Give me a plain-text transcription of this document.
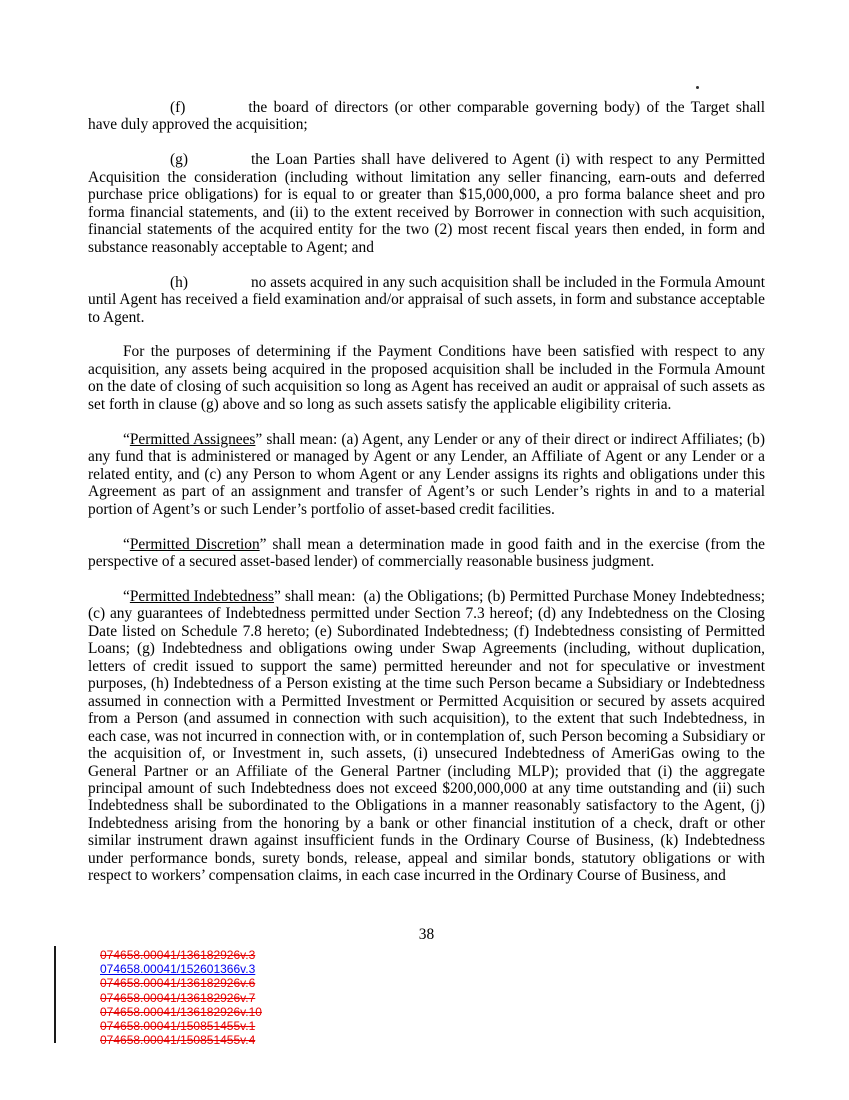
(f)	the board of directors (or other comparable governing body) of the Target shall have duly approved the acquisition;

(g)	the Loan Parties shall have delivered to Agent (i) with respect to any Permitted Acquisition the consideration (including without limitation any seller financing, earn-outs and deferred purchase price obligations) for is equal to or greater than $15,000,000, a pro forma balance sheet and pro forma financial statements, and (ii) to the extent received by Borrower in connection with such acquisition, financial statements of the acquired entity for the two (2) most recent fiscal years then ended, in form and substance reasonably acceptable to Agent; and

(h)	no assets acquired in any such acquisition shall be included in the Formula Amount until Agent has received a field examination and/or appraisal of such assets, in form and substance acceptable to Agent.

For the purposes of determining if the Payment Conditions have been satisfied with respect to any acquisition, any assets being acquired in the proposed acquisition shall be included in the Formula Amount on the date of closing of such acquisition so long as Agent has received an audit or appraisal of such assets as set forth in clause (g) above and so long as such assets satisfy the applicable eligibility criteria.

“Permitted Assignees” shall mean: (a) Agent, any Lender or any of their direct or indirect Affiliates; (b) any fund that is administered or managed by Agent or any Lender, an Affiliate of Agent or any Lender or a related entity, and (c) any Person to whom Agent or any Lender assigns its rights and obligations under this Agreement as part of an assignment and transfer of Agent’s or such Lender’s rights in and to a material portion of Agent’s or such Lender’s portfolio of asset-based credit facilities.

“Permitted Discretion” shall mean a determination made in good faith and in the exercise (from the perspective of a secured asset-based lender) of commercially reasonable business judgment.

“Permitted Indebtedness” shall mean:  (a) the Obligations; (b) Permitted Purchase Money Indebtedness; (c) any guarantees of Indebtedness permitted under Section 7.3 hereof; (d) any Indebtedness on the Closing Date listed on Schedule 7.8 hereto; (e) Subordinated Indebtedness; (f) Indebtedness consisting of Permitted Loans; (g) Indebtedness and obligations owing under Swap Agreements (including, without duplication, letters of credit issued to support the same) permitted hereunder and not for speculative or investment purposes, (h) Indebtedness of a Person existing at the time such Person became a Subsidiary or Indebtedness assumed in connection with a Permitted Investment or Permitted Acquisition or secured by assets acquired from a Person (and assumed in connection with such acquisition), to the extent that such Indebtedness, in each case, was not incurred in connection with, or in contemplation of, such Person becoming a Subsidiary or the acquisition of, or Investment in, such assets, (i) unsecured Indebtedness of AmeriGas owing to the General Partner or an Affiliate of the General Partner (including MLP); provided that (i) the aggregate principal amount of such Indebtedness does not exceed $200,000,000 at any time outstanding and (ii) such Indebtedness shall be subordinated to the Obligations in a manner reasonably satisfactory to the Agent, (j) Indebtedness arising from the honoring by a bank or other financial institution of a check, draft or other similar instrument drawn against insufficient funds in the Ordinary Course of Business, (k) Indebtedness under performance bonds, surety bonds, release, appeal and similar bonds, statutory obligations or with respect to workers’ compensation claims, in each case incurred in the Ordinary Course of Business, and

38
074658.00041/136182926v.3
074658.00041/152601366v.3
074658.00041/136182926v.6
074658.00041/136182926v.7
074658.00041/136182926v.10
074658.00041/150851455v.1
074658.00041/150851455v.4
